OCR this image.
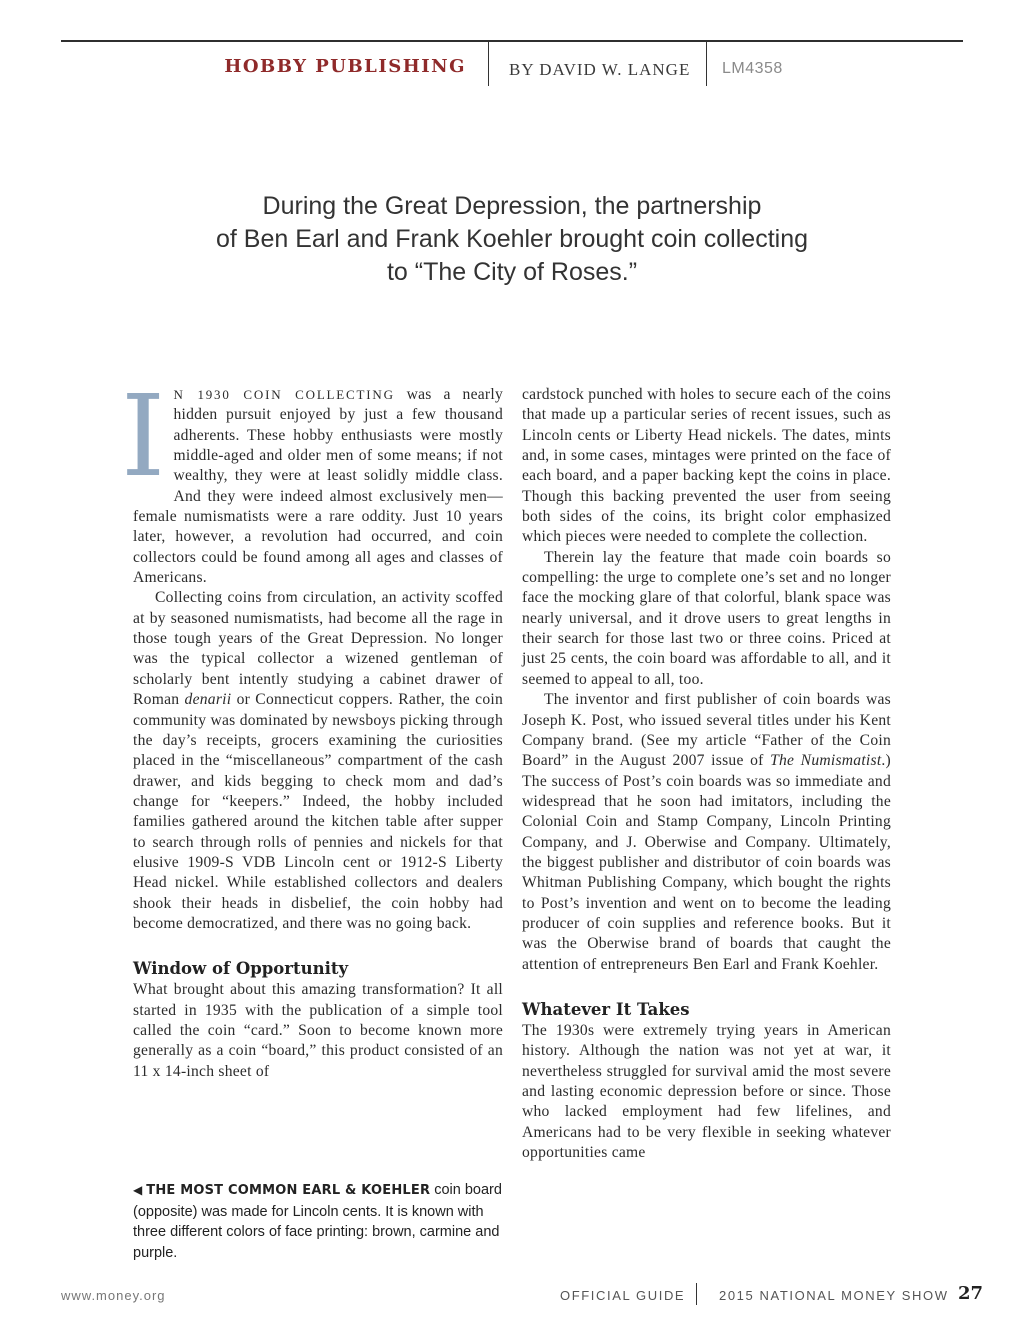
HOBBY PUBLISHING	BY DAVID W. LANGE LM4358
During the Great Depression, the partnership
of Ben Earl and Frank Koehler brought coin collecting
to “The City of Roses.”

I N 1930 COIN COLLECTING was a nearly hidden pursuit enjoyed by just a few thousand adherents. These hobby enthusiasts were mostly middle-aged and older men of some means; if not wealthy, they were at least solidly middle class. And they were indeed almost exclusively men—female numismatists were a rare oddity. Just 10 years later, however, a revolution had occurred, and coin collectors could be found among all ages and classes of Americans.

Collecting coins from circulation, an activity scoffed at by seasoned numismatists, had become all the rage in those tough years of the Great Depression. No longer was the typical collector a wizened gentleman of scholarly bent intently studying a cabinet drawer of Roman denarii or Connecticut coppers. Rather, the coin community was dominated by newsboys picking through the day’s receipts, grocers examining the curiosities placed in the “miscellaneous” compartment of the cash drawer, and kids begging to check mom and dad’s change for “keepers.” Indeed, the hobby included families gathered around the kitchen table after supper to search through rolls of pennies and nickels for that elusive 1909-S VDB Lincoln cent or 1912-S Liberty Head nickel. While established collectors and dealers shook their heads in disbelief, the coin hobby had become democratized, and there was no going back.

Window of Opportunity

What brought about this amazing transformation? It all started in 1935 with the publication of a simple tool called the coin “card.” Soon to become known more generally as a coin “board,” this product consisted of an 11 x 14-inch sheet of

◀ THE MOST COMMON EARL & KOEHLER coin board (opposite) was made for Lincoln cents. It is known with three different colors of face printing: brown, carmine and purple.

cardstock punched with holes to secure each of the coins that made up a particular series of recent issues, such as Lincoln cents or Liberty Head nickels. The dates, mints and, in some cases, mintages were printed on the face of each board, and a paper backing kept the coins in place. Though this backing prevented the user from seeing both sides of the coins, its bright color emphasized which pieces were needed to complete the collection.

Therein lay the feature that made coin boards so compelling: the urge to complete one’s set and no longer face the mocking glare of that colorful, blank space was nearly universal, and it drove users to great lengths in their search for those last two or three coins. Priced at just 25 cents, the coin board was affordable to all, and it seemed to appeal to all, too.

The inventor and first publisher of coin boards was Joseph K. Post, who issued several titles under his Kent Company brand. (See my article “Father of the Coin Board” in the August 2007 issue of The Numismatist.) The success of Post’s coin boards was so immediate and widespread that he soon had imitators, including the Colonial Coin and Stamp Company, Lincoln Printing Company, and J. Oberwise and Company. Ultimately, the biggest publisher and distributor of coin boards was Whitman Publishing Company, which bought the rights to Post’s invention and went on to become the leading producer of coin supplies and reference books. But it was the Oberwise brand of boards that caught the attention of entrepreneurs Ben Earl and Frank Koehler.

Whatever It Takes

The 1930s were extremely trying years in American history. Although the nation was not yet at war, it nevertheless struggled for survival amid the most severe and lasting economic depression before or since. Those who lacked employment had few lifelines, and Americans had to be very flexible in seeking whatever opportunities came

www.money.org	OFFICIAL GUIDE	2015 NATIONAL MONEY SHOW 27
